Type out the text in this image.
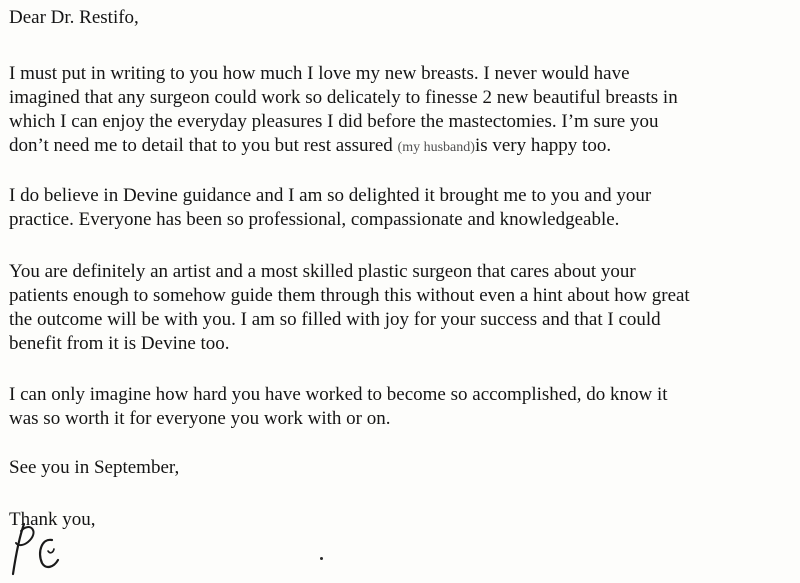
Dear Dr. Restifo,
I must put in writing to you how much I love my new breasts. I never would have
imagined that any surgeon could work so delicately to finesse 2 new beautiful breasts in
which I can enjoy the everyday pleasures I did before the mastectomies. I’m sure you
don’t need me to detail that to you but rest assured (my husband)is very happy too.
I do believe in Devine guidance and I am so delighted it brought me to you and your
practice. Everyone has been so professional, compassionate and knowledgeable.
You are definitely an artist and a most skilled plastic surgeon that cares about your
patients enough to somehow guide them through this without even a hint about how great
the outcome will be with you. I am so filled with joy for your success and that I could
benefit from it is Devine too.
I can only imagine how hard you have worked to become so accomplished, do know it
was so worth it for everyone you work with or on.
See you in September,
Thank you,
